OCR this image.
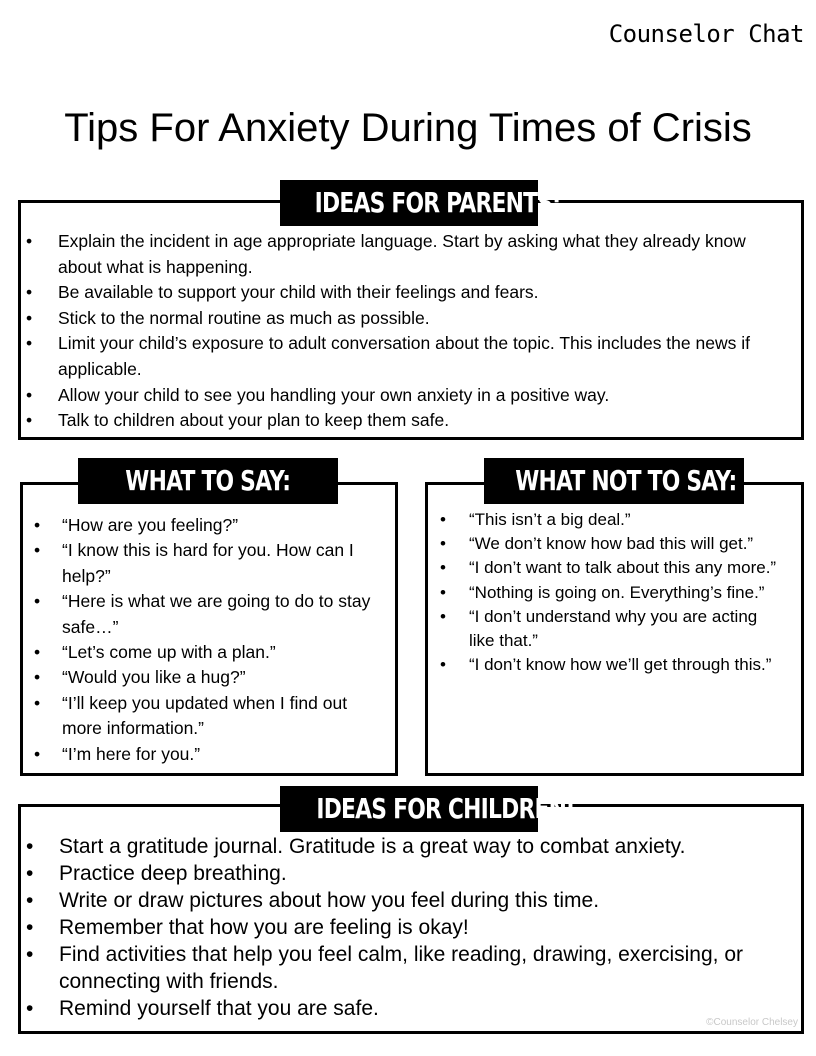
Counselor Chat
Tips For Anxiety During Times of Crisis
IDEAS FOR PARENTS:
• Explain the incident in age appropriate language. Start by asking what they already know about what is happening.
• Be available to support your child with their feelings and fears.
• Stick to the normal routine as much as possible.
• Limit your child’s exposure to adult conversation about the topic. This includes the news if applicable.
• Allow your child to see you handling your own anxiety in a positive way.
• Talk to children about your plan to keep them safe.
WHAT TO SAY:
• “How are you feeling?”
• “I know this is hard for you. How can I help?”
• “Here is what we are going to do to stay safe…”
• “Let’s come up with a plan.”
• “Would you like a hug?”
• “I’ll keep you updated when I find out more information.”
• “I’m here for you.”
WHAT NOT TO SAY:
• “This isn’t a big deal.”
• “We don’t know how bad this will get.”
• “I don’t want to talk about this any more.”
• “Nothing is going on. Everything’s fine.”
• “I don’t understand why you are acting like that.”
• “I don’t know how we’ll get through this.”
IDEAS FOR CHILDREN:
• Start a gratitude journal. Gratitude is a great way to combat anxiety.
• Practice deep breathing.
• Write or draw pictures about how you feel during this time.
• Remember that how you are feeling is okay!
• Find activities that help you feel calm, like reading, drawing, exercising, or connecting with friends.
• Remind yourself that you are safe.
©Counselor Chelsey
